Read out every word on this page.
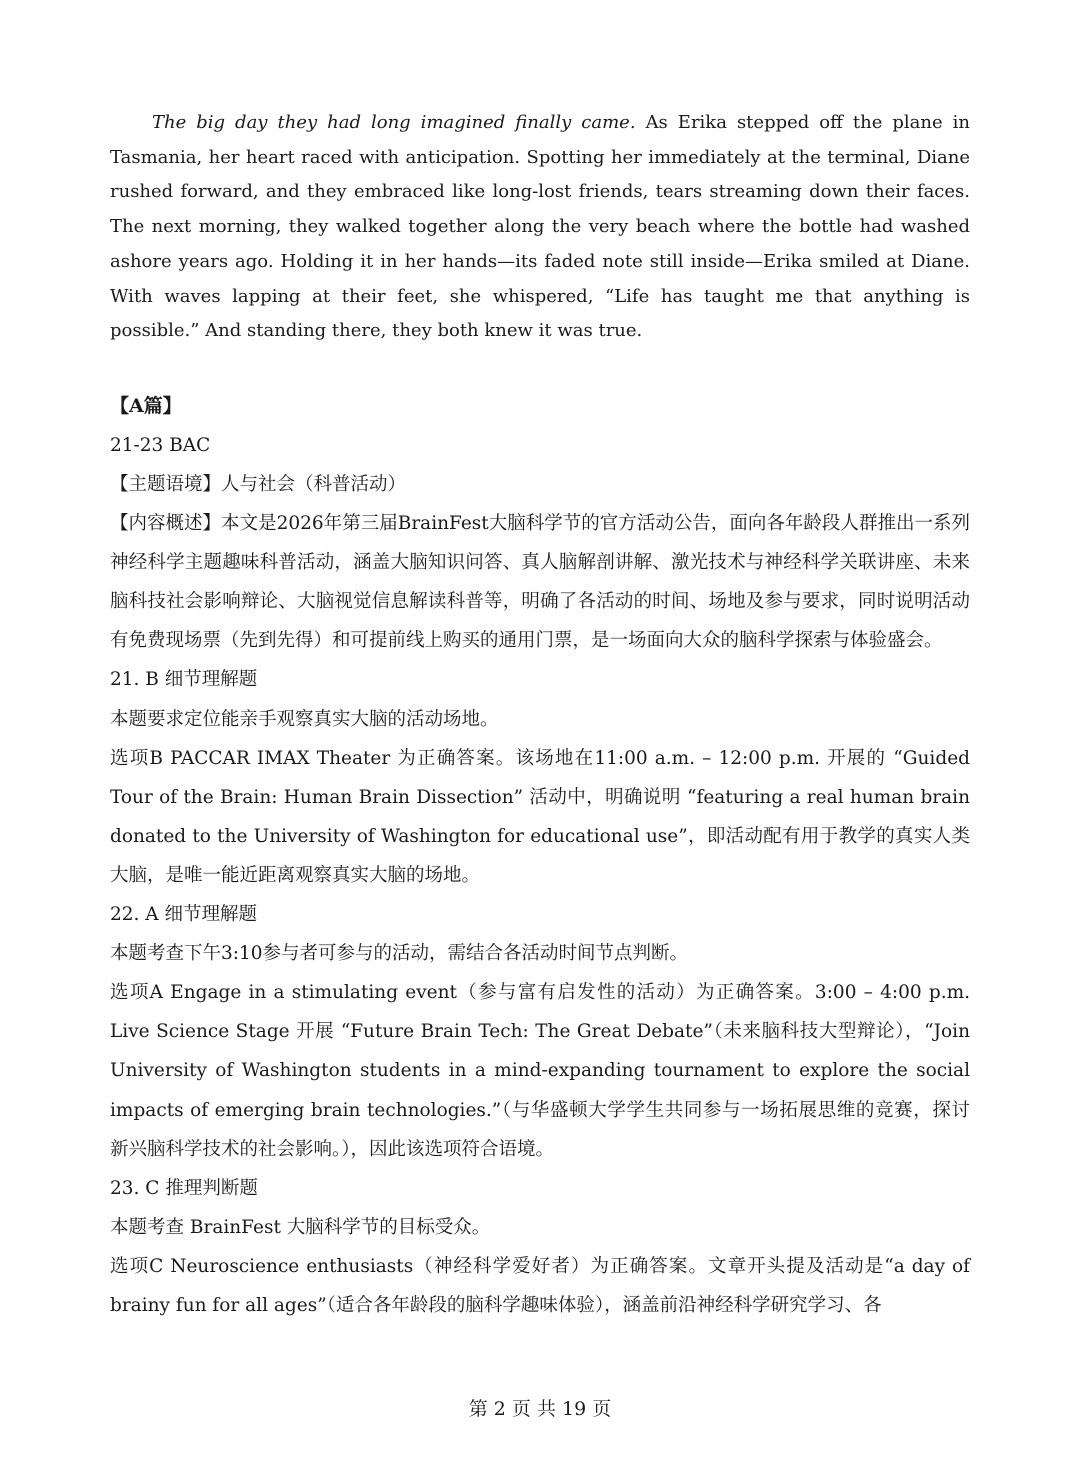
The big day they had long imagined finally came. As Erika stepped off the plane in Tasmania, her heart raced with anticipation. Spotting her immediately at the terminal, Diane rushed forward, and they embraced like long-lost friends, tears streaming down their faces. The next morning, they walked together along the very beach where the bottle had washed ashore years ago. Holding it in her hands—its faded note still inside—Erika smiled at Diane. With waves lapping at their feet, she whispered, “Life has taught me that anything is possible.” And standing there, they both knew it was true.

【A篇】
21-23 BAC
【主题语境】人与社会（科普活动）

【内容概述】本文是2026年第三届BrainFest大脑科学节的官方活动公告，面向各年龄段人群推出一系列神经科学主题趣味科普活动，涵盖大脑知识问答、真人脑解剖讲解、激光技术与神经科学关联讲座、未来脑科技社会影响辩论、大脑视觉信息解读科普等，明确了各活动的时间、场地及参与要求，同时说明活动有免费现场票（先到先得）和可提前线上购买的通用门票，是一场面向大众的脑科学探索与体验盛会。

21. B 细节理解题
本题要求定位能亲手观察真实大脑的活动场地。

选项B PACCAR IMAX Theater 为正确答案。该场地在11:00 a.m. – 12:00 p.m. 开展的 “Guided Tour of the Brain: Human Brain Dissection” 活动中，明确说明 “featuring a real human brain donated to the University of Washington for educational use”，即活动配有用于教学的真实人类大脑，是唯一能近距离观察真实大脑的场地。

22. A 细节理解题
本题考查下午3:10参与者可参与的活动，需结合各活动时间节点判断。

选项A Engage in a stimulating event（参与富有启发性的活动）为正确答案。3:00 – 4:00 p.m. Live Science Stage 开展 “Future Brain Tech: The Great Debate”（未来脑科技大型辩论），“Join University of Washington students in a mind-expanding tournament to explore the social impacts of emerging brain technologies.”（与华盛顿大学学生共同参与一场拓展思维的竞赛，探讨新兴脑科学技术的社会影响。），因此该选项符合语境。

23. C 推理判断题
本题考查 BrainFest 大脑科学节的目标受众。

选项C Neuroscience enthusiasts（神经科学爱好者）为正确答案。文章开头提及活动是“a day of brainy fun for all ages”（适合各年龄段的脑科学趣味体验），涵盖前沿神经科学研究学习、各

第 2 页 共 19 页
